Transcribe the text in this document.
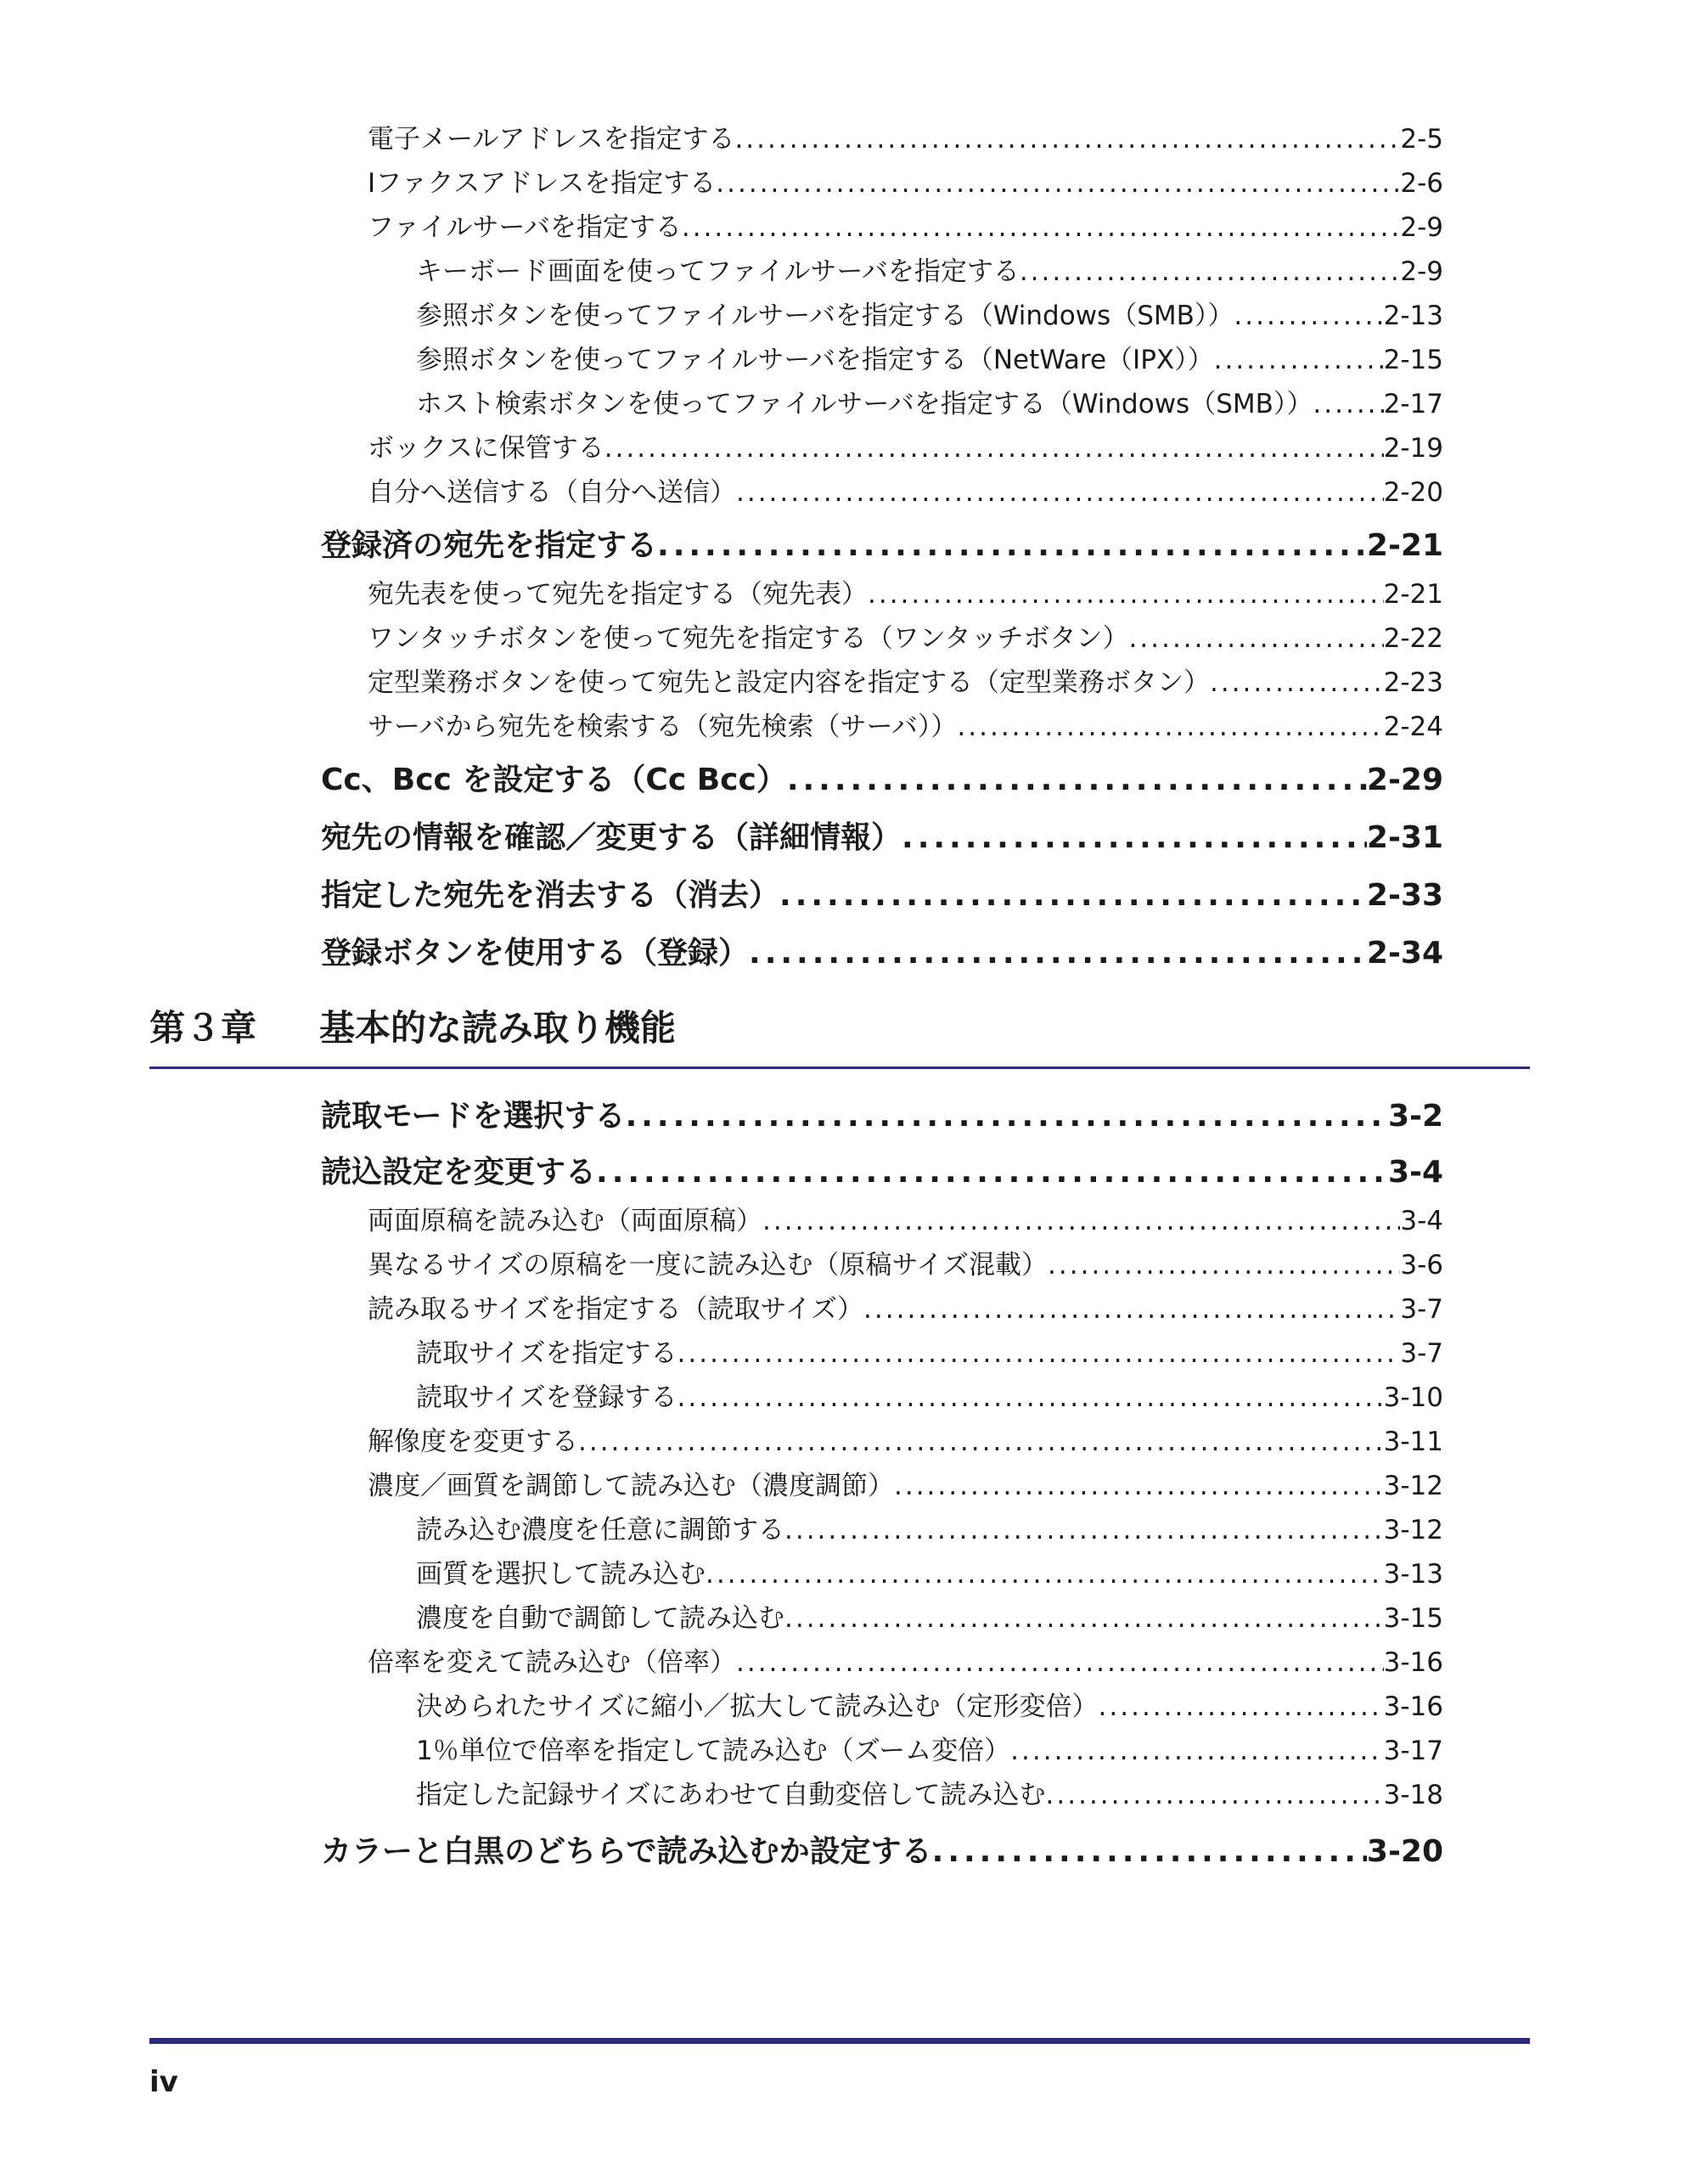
電子メールアドレスを指定する .....	2-5
Iファクスアドレスを指定する .....	2-6
ファイルサーバを指定する .....	2-9
キーボード画面を使ってファイルサーバを指定する .....	2-9
参照ボタンを使ってファイルサーバを指定する（Windows（SMB）） .....	2-13
参照ボタンを使ってファイルサーバを指定する（NetWare（IPX）） .....	2-15
ホスト検索ボタンを使ってファイルサーバを指定する（Windows（SMB）） .....	2-17
ボックスに保管する .....	2-19
自分へ送信する（自分へ送信） .....	2-20
登録済の宛先を指定する .....	2-21
宛先表を使って宛先を指定する（宛先表） .....	2-21
ワンタッチボタンを使って宛先を指定する（ワンタッチボタン） .....	2-22
定型業務ボタンを使って宛先と設定内容を指定する（定型業務ボタン） .....	2-23
サーバから宛先を検索する（宛先検索（サーバ）） .....	2-24
Cc、Bcc を設定する（Cc Bcc） .....	2-29
宛先の情報を確認／変更する（詳細情報） .....	2-31
指定した宛先を消去する（消去） .....	2-33
登録ボタンを使用する（登録） .....	2-34
第３章 基本的な読み取り機能
読取モードを選択する .....	3-2
読込設定を変更する .....	3-4
両面原稿を読み込む（両面原稿） .....	3-4
異なるサイズの原稿を一度に読み込む（原稿サイズ混載） .....	3-6
読み取るサイズを指定する（読取サイズ） .....	3-7
読取サイズを指定する .....	3-7
読取サイズを登録する .....	3-10
解像度を変更する .....	3-11
濃度／画質を調節して読み込む（濃度調節） .....	3-12
読み込む濃度を任意に調節する .....	3-12
画質を選択して読み込む .....	3-13
濃度を自動で調節して読み込む .....	3-15
倍率を変えて読み込む（倍率） .....	3-16
決められたサイズに縮小／拡大して読み込む（定形変倍） .....	3-16
1％単位で倍率を指定して読み込む（ズーム変倍） .....	3-17
指定した記録サイズにあわせて自動変倍して読み込む .....	3-18
カラーと白黒のどちらで読み込むか設定する .....	3-20
iv
